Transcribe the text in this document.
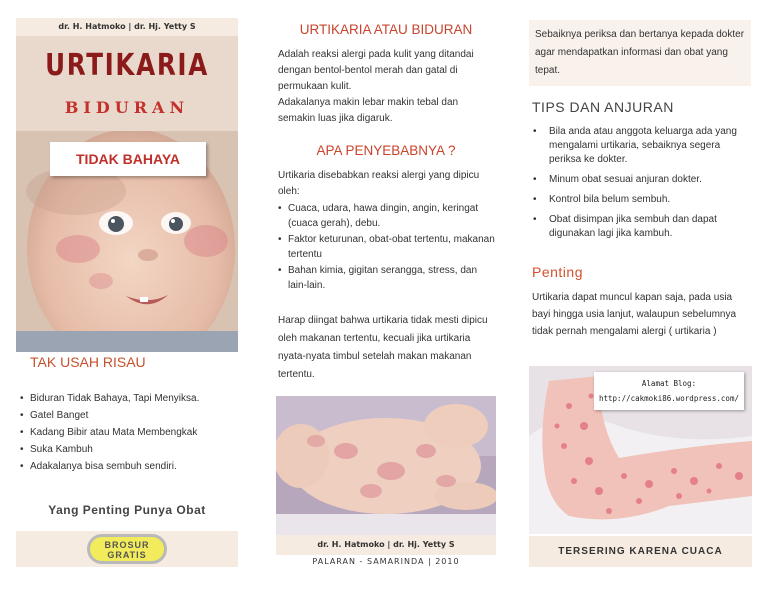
dr. H. Hatmoko | dr. Hj. Yetty S
URTIKARIA
BIDURAN
TIDAK BAHAYA
TAK USAH RISAU
• Biduran Tidak Bahaya, Tapi Menyiksa.
• Gatel Banget
• Kadang Bibir atau Mata Membengkak
• Suka Kambuh
• Adakalanya bisa sembuh sendiri.
Yang Penting Punya Obat
BROSUR
GRATIS
URTIKARIA ATAU BIDURAN
Adalah reaksi alergi pada kulit yang ditandai dengan bentol-bentol merah dan gatal di permukaan kulit.
Adakalanya makin lebar makin tebal dan semakin luas jika digaruk.
APA PENYEBABNYA ?
Urtikaria disebabkan reaksi alergi yang dipicu oleh:
• Cuaca, udara, hawa dingin, angin, keringat (cuaca gerah), debu.
• Faktor keturunan, obat-obat tertentu, makanan tertentu
• Bahan kimia, gigitan serangga, stress, dan lain-lain.
Harap diingat bahwa urtikaria tidak mesti dipicu oleh makanan tertentu, kecuali jika urtikaria nyata-nyata timbul setelah makan makanan tertentu.
dr. H. Hatmoko | dr. Hj. Yetty S
PALARAN - SAMARINDA | 2010
Sebaiknya periksa dan bertanya kepada dokter agar mendapatkan informasi dan obat yang tepat.
TIPS DAN ANJURAN
• Bila anda atau anggota keluarga ada yang mengalami urtikaria, sebaiknya segera periksa ke dokter.
• Minum obat sesuai anjuran dokter.
• Kontrol bila belum sembuh.
• Obat disimpan jika sembuh dan dapat digunakan lagi jika kambuh.
Penting
Urtikaria dapat muncul kapan saja, pada usia bayi hingga usia lanjut, walaupun sebelumnya tidak pernah mengalami alergi ( urtikaria )
Alamat Blog:
http://cakmoki86.wordpress.com/
TERSERING KARENA CUACA
